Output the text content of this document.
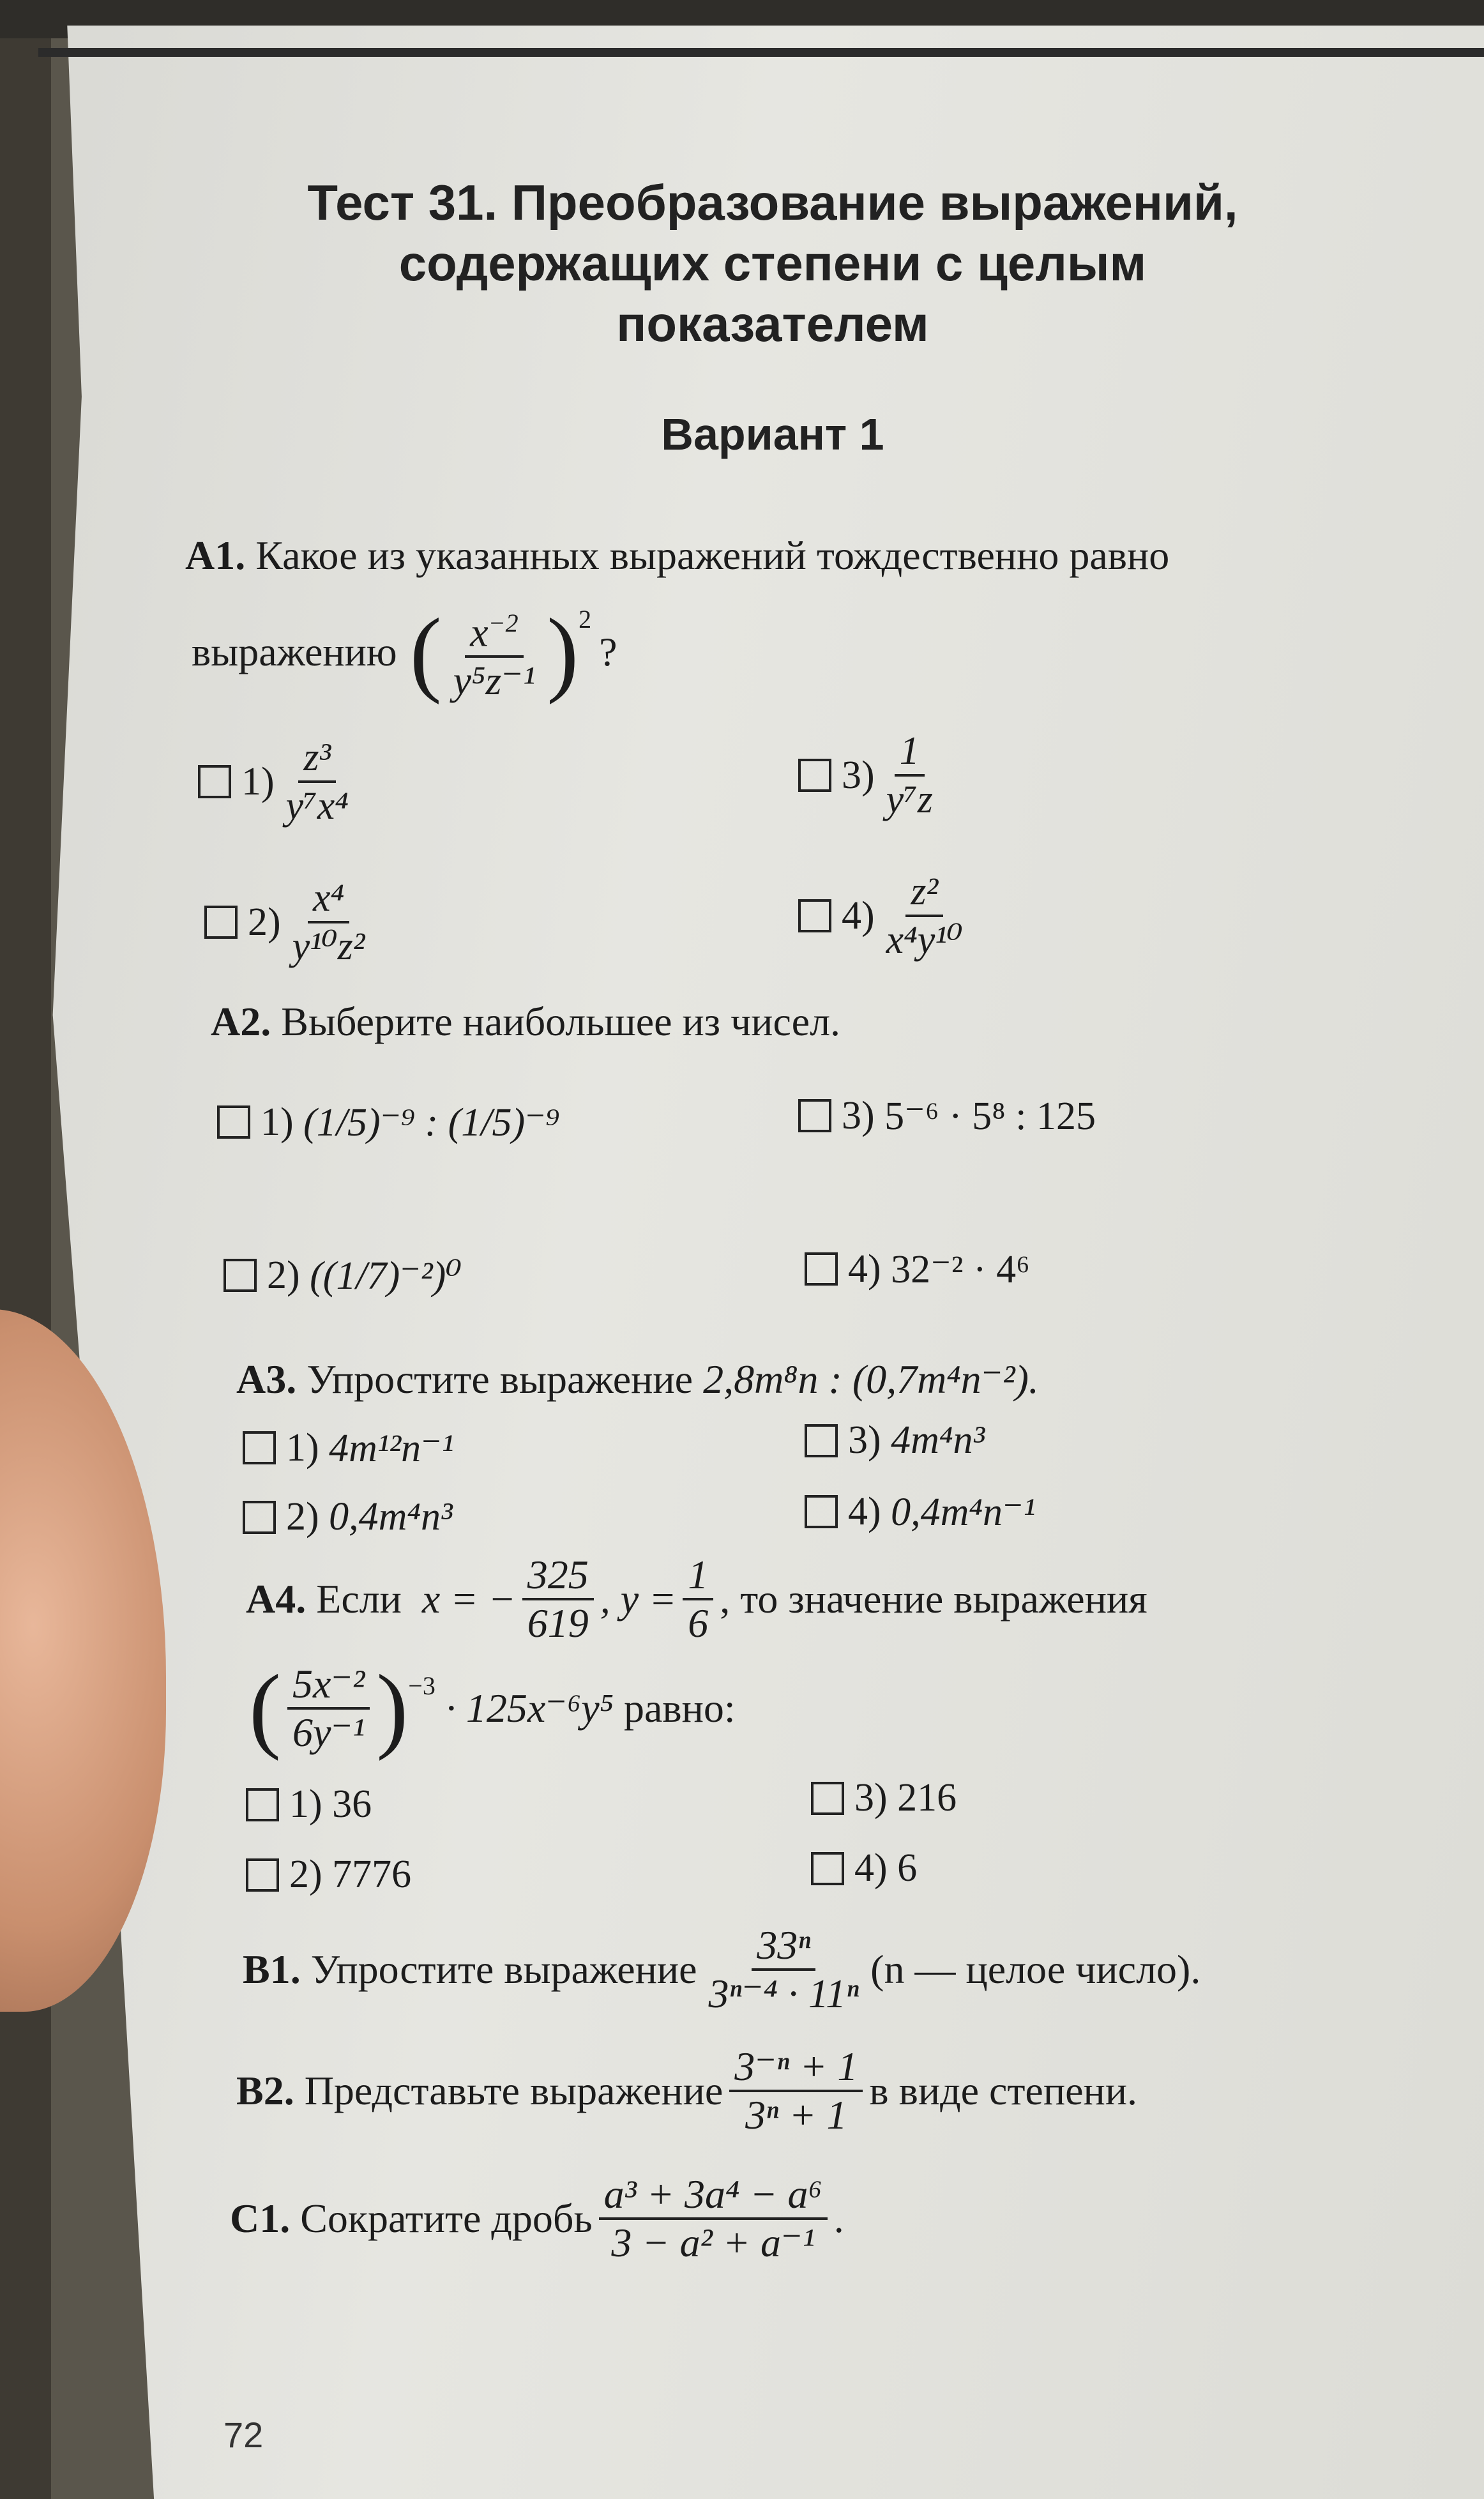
Тест 31. Преобразование выражений,
содержащих степени с целым
показателем
Вариант 1
A1. Какое из указанных выражений тождественно равно
выражению ( $\frac{x^{-2}}{\text{y⁵z⁻¹}} )^2$
?
$1) \frac{\text{z³}}{\text{y⁷x⁴}}$
$2) \frac{\text{x⁴}}{\text{y¹⁰z²}}$
$3) \frac{1}{\text{y⁷z}}$
$4) \frac{\text{z²}}{\text{x⁴y¹⁰}}$
A2. Выберите наибольшее из чисел.
1)
(1/5)⁻⁹ : (1/5)⁻⁹
2)
((1/7)⁻²)⁰
3)
5⁻⁶ · 5⁸ : 125
4)
32⁻² · 4⁶
A3. Упростите выражение 2,8m⁸n : (0,7m⁴n⁻²).
1)
4m¹²n⁻¹
2)
0,4m⁴n³
3)
4m⁴n³
4)
0,4m⁴n⁻¹
A4.
Если
x = − $\frac{325}{619}$ , $y = \frac{1}{6}$ , то значение выражения
( $\frac{\text{5x⁻²}}{\text{6y⁻¹}} )^{-3} \cdot 125x^{-6}y^5$
равно:
1)
36
2)
7776
3)
216
4)
6
B1.
Упростите выражение $\frac{\text{33ⁿ}}{\text{3ⁿ⁻⁴ · 11ⁿ}} (n$ — целое число).
B2.
Представьте выражение $\frac{\text{3⁻ⁿ + 1}}{\text{3ⁿ + 1}}$ в виде степени.
C1.
Сократите дробь $\frac{\text{a³ + 3a⁴ − a⁶}}{\text{3 − a² + a⁻¹}}$ .
72
